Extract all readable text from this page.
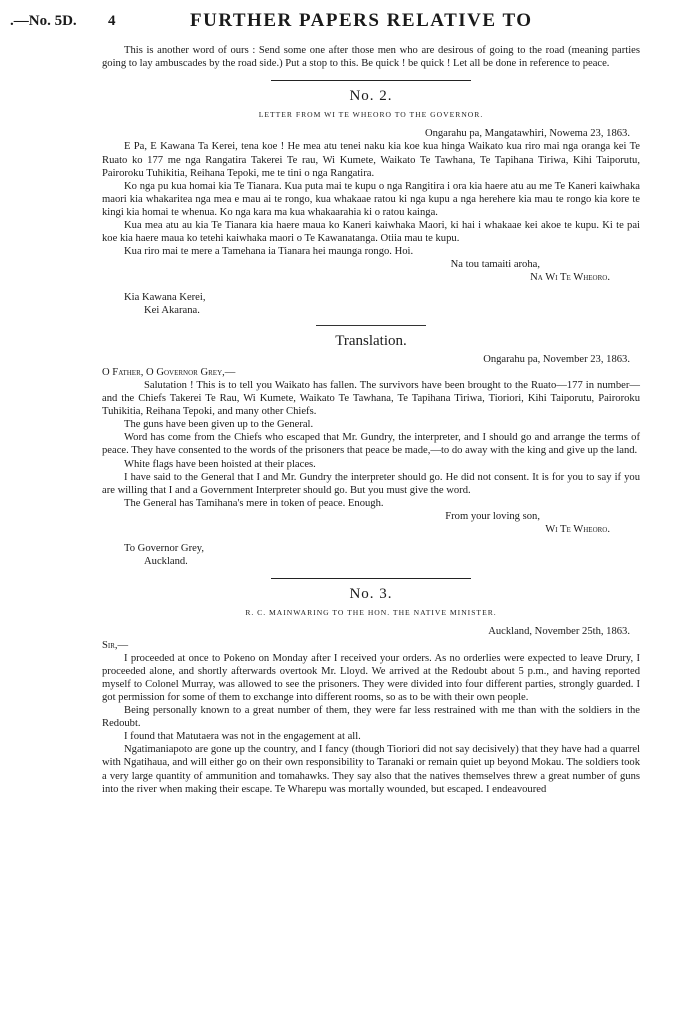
.—No. 5D. 4	FURTHER PAPERS RELATIVE TO

This is another word of ours : Send some one after those men who are desirous of going to the road (meaning parties going to lay ambuscades by the road side.) Put a stop to this. Be quick ! be quick ! Let all be done in reference to peace.

No. 2.
LETTER FROM WI TE WHEORO TO THE GOVERNOR.

Ongarahu pa, Mangatawhiri, Nowema 23, 1863.

E Pa, E Kawana Ta Kerei, tena koe ! He mea atu tenei naku kia koe kua hinga Waikato kua riro mai nga oranga kei Te Ruato ko 177 me nga Rangatira Takerei Te rau, Wi Kumete, Waikato Te Tawhana, Te Tapihana Tiriwa, Kihi Taiporutu, Pairoroku Tuhikitia, Reihana Tepoki, me te tini o nga Rangatira.

Ko nga pu kua homai kia Te Tianara. Kua puta mai te kupu o nga Rangitira i ora kia haere atu au me Te Kaneri kaiwhaka maori kia whakaritea nga mea e mau ai te rongo, kua whakaae ratou ki nga kupu a nga herehere kia mau te rongo kia kore te kingi kia homai te whenua. Ko nga kara ma kua whakaarahia ki o ratou kainga.

Kua mea atu au kia Te Tianara kia haere maua ko Kaneri kaiwhaka Maori, ki hai i whakaae kei akoe te kupu. Ki te pai koe kia haere maua ko tetehi kaiwhaka maori o Te Kawanatanga. Otiia mau te kupu.

Kua riro mai te mere a Tamehana ia Tianara hei maunga rongo. Hoi.

Na tou tamaiti aroha,

Na Wi Te Wheoro.

Kia Kawana Kerei,

Kei Akarana.

Translation.

Ongarahu pa, November 23, 1863.

O Father, O Governor Grey,—

Salutation ! This is to tell you Waikato has fallen. The survivors have been brought to the Ruato—177 in number—and the Chiefs Takerei Te Rau, Wi Kumete, Waikato Te Tawhana, Te Tapihana Tiriwa, Tioriori, Kihi Taiporutu, Pairoroku Tuhikitia, Reihana Tepoki, and many other Chiefs.

The guns have been given up to the General.

Word has come from the Chiefs who escaped that Mr. Gundry, the interpreter, and I should go and arrange the terms of peace. They have consented to the words of the prisoners that peace be made,—to do away with the king and give up the land.

White flags have been hoisted at their places.

I have said to the General that I and Mr. Gundry the interpreter should go. He did not consent. It is for you to say if you are willing that I and a Government Interpreter should go. But you must give the word.

The General has Tamihana's mere in token of peace. Enough.

From your loving son,

Wi Te Wheoro.

To Governor Grey,

Auckland.

No. 3.
R. C. MAINWARING TO THE HON. THE NATIVE MINISTER.

Auckland, November 25th, 1863.

Sir,—

I proceeded at once to Pokeno on Monday after I received your orders. As no orderlies were expected to leave Drury, I proceeded alone, and shortly afterwards overtook Mr. Lloyd. We arrived at the Redoubt about 5 p.m., and having reported myself to Colonel Murray, was allowed to see the prisoners. They were divided into four different parties, strongly guarded. I got permission for some of them to exchange into different rooms, so as to be with their own people.

Being personally known to a great number of them, they were far less restrained with me than with the soldiers in the Redoubt.

I found that Matutaera was not in the engagement at all.

Ngatimaniapoto are gone up the country, and I fancy (though Tioriori did not say decisively) that they have had a quarrel with Ngatihaua, and will either go on their own responsibility to Taranaki or remain quiet up beyond Mokau. The soldiers took a very large quantity of ammunition and tomahawks. They say also that the natives themselves threw a great number of guns into the river when making their escape. Te Wharepu was mortally wounded, but escaped. I endeavoured
